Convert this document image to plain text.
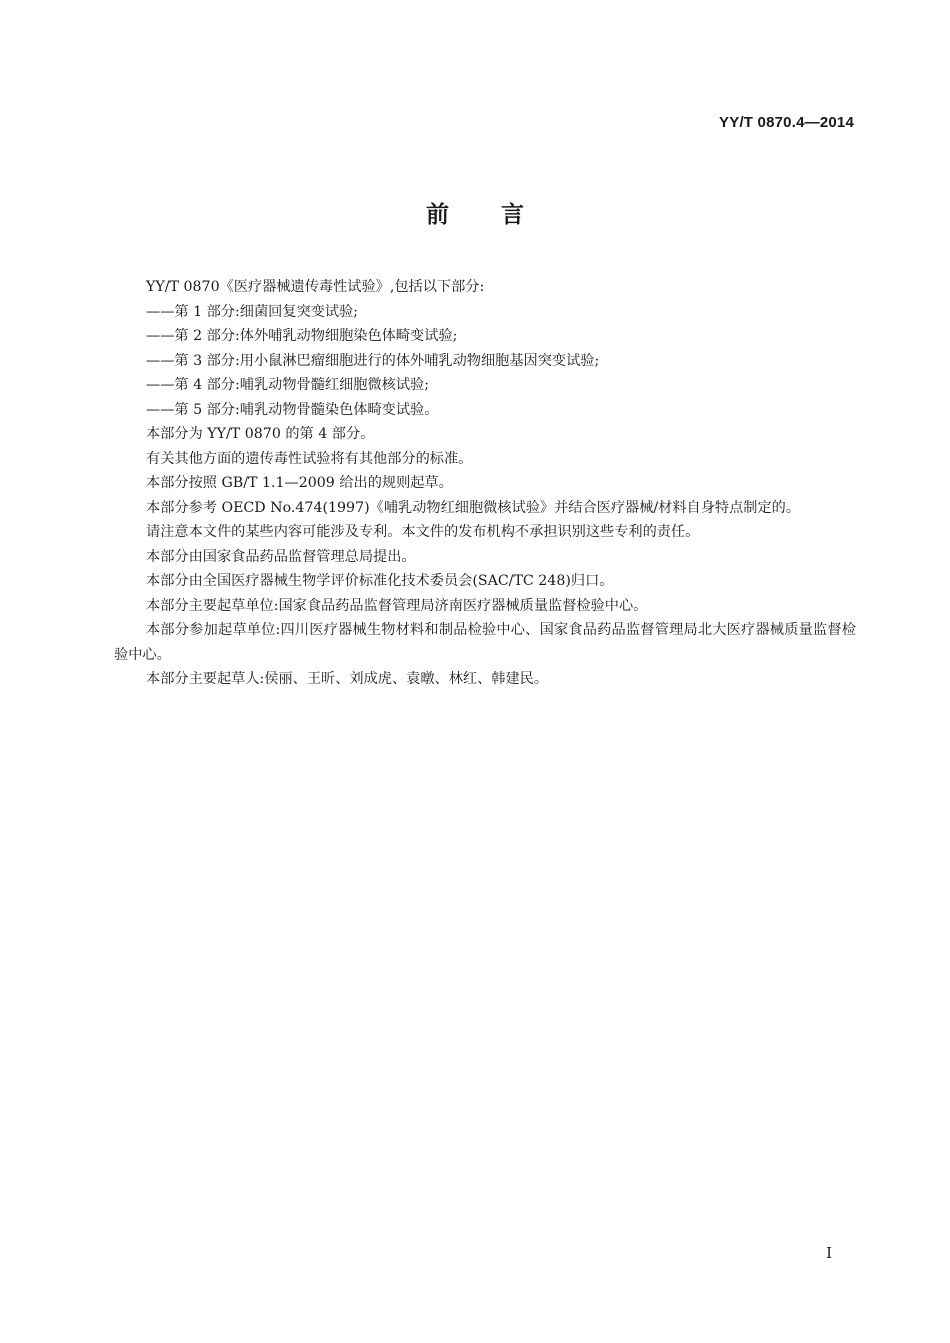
YY/T 0870.4—2014
前言

YY/T 0870《医疗器械遗传毒性试验》,包括以下部分:

——第 1 部分:细菌回复突变试验;

——第 2 部分:体外哺乳动物细胞染色体畸变试验;

——第 3 部分:用小鼠淋巴瘤细胞进行的体外哺乳动物细胞基因突变试验;

——第 4 部分:哺乳动物骨髓红细胞微核试验;

——第 5 部分:哺乳动物骨髓染色体畸变试验。

本部分为 YY/T 0870 的第 4 部分。

有关其他方面的遗传毒性试验将有其他部分的标准。

本部分按照 GB/T 1.1—2009 给出的规则起草。

本部分参考 OECD No.474(1997)《哺乳动物红细胞微核试验》并结合医疗器械/材料自身特点制定的。

请注意本文件的某些内容可能涉及专利。本文件的发布机构不承担识别这些专利的责任。

本部分由国家食品药品监督管理总局提出。

本部分由全国医疗器械生物学评价标准化技术委员会(SAC/TC 248)归口。

本部分主要起草单位:国家食品药品监督管理局济南医疗器械质量监督检验中心。

本部分参加起草单位:四川医疗器械生物材料和制品检验中心、国家食品药品监督管理局北大医疗器械质量监督检验中心。

本部分主要起草人:侯丽、王昕、刘成虎、袁暾、林红、韩建民。

I
